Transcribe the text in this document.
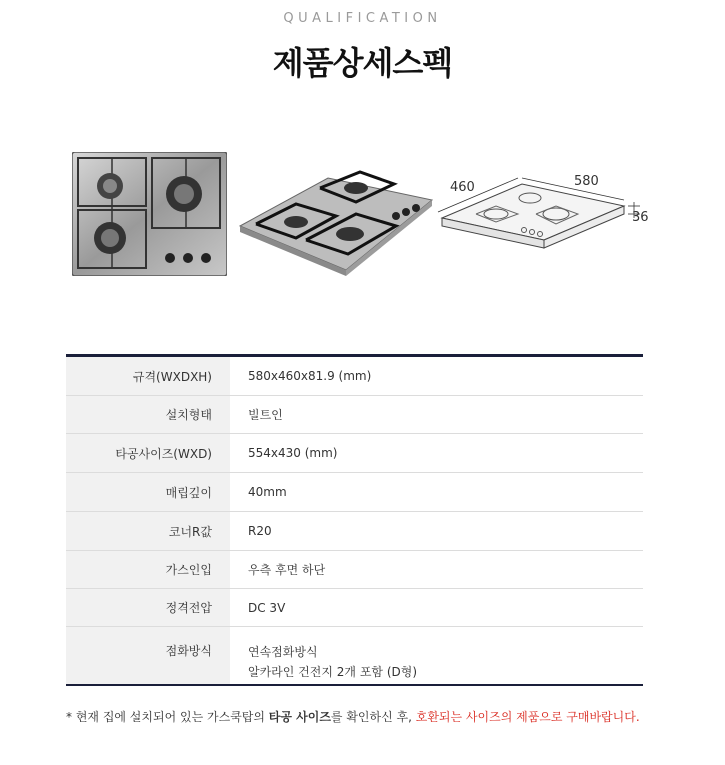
QUALIFICATION
제품상세스펙
460	580
36
규격(WXDXH)	580x460x81.9 (mm)
설치형태	빌트인
타공사이즈(WXD)	554x430 (mm)
매립깊이	40mm
코너R값	R20
가스인입	우측 후면 하단
정격전압	DC 3V
점화방식	연속점화방식
알카라인 건전지 2개 포함 (D형)
* 현재 집에 설치되어 있는 가스쿡탑의 타공 사이즈를 확인하신 후, 호환되는 사이즈의 제품으로 구매바랍니다.
